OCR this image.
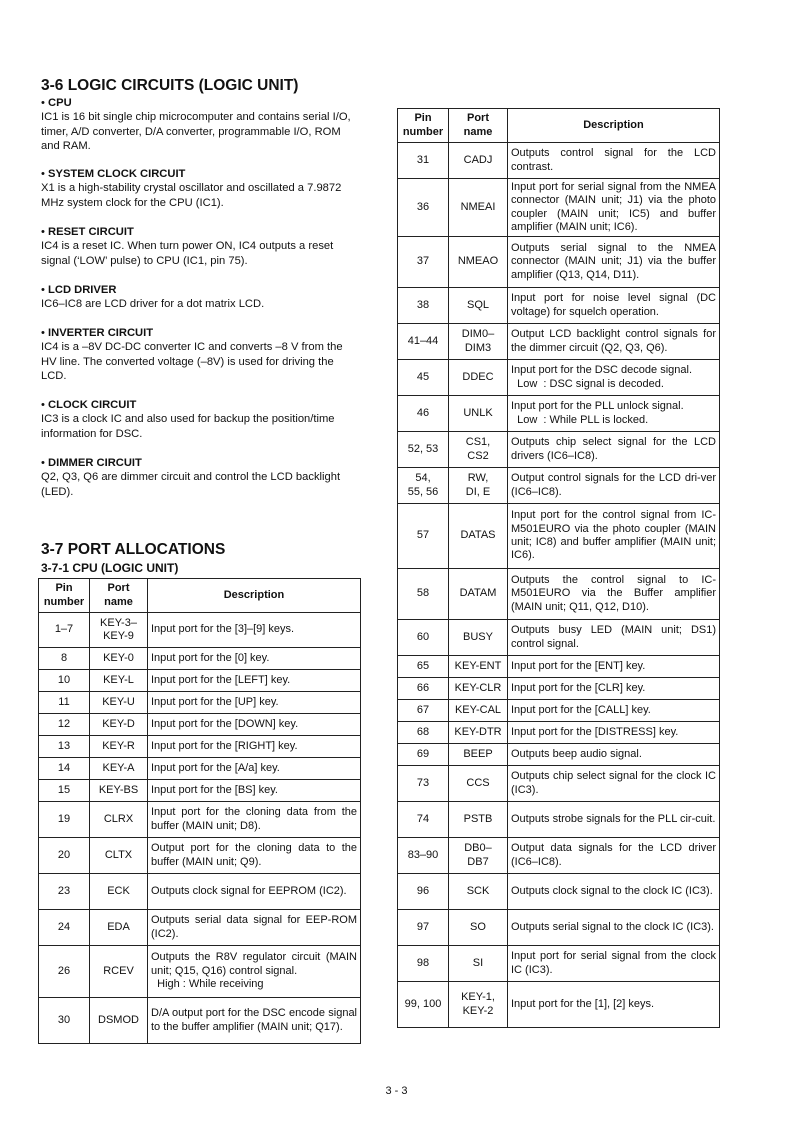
3-6 LOGIC CIRCUITS (LOGIC UNIT)
• CPU
IC1 is 16 bit single chip microcomputer and contains serial I/O, timer, A/D converter, D/A converter, programmable I/O, ROM and RAM.
• SYSTEM CLOCK CIRCUIT
X1 is a high-stability crystal oscillator and oscillated a 7.9872 MHz system clock for the CPU (IC1).
• RESET CIRCUIT
IC4 is a reset IC. When turn power ON, IC4 outputs a reset signal (‘LOW’ pulse) to CPU (IC1, pin 75).
• LCD DRIVER
IC6–IC8 are LCD driver for a dot matrix LCD.
• INVERTER CIRCUIT
IC4 is a –8V DC-DC converter IC and converts –8 V from the HV line. The converted voltage (–8V) is used for driving the LCD.
• CLOCK CIRCUIT
IC3 is a clock IC and also used for backup the position/time information for DSC.
• DIMMER CIRCUIT
Q2, Q3, Q6 are dimmer circuit and control the LCD backlight (LED).
3-7 PORT ALLOCATIONS
3-7-1 CPU (LOGIC UNIT)
Pin number	Port name	Description
1–7	KEY-3–
KEY-9	Input port for the [3]–[9] keys.
8	KEY-0	Input port for the [0] key.
10	KEY-L	Input port for the [LEFT] key.
11	KEY-U	Input port for the [UP] key.
12	KEY-D	Input port for the [DOWN] key.
13	KEY-R	Input port for the [RIGHT] key.
14	KEY-A	Input port for the [A/a] key.
15	KEY-BS	Input port for the [BS] key.
19	CLRX	Input port for the cloning data from the buffer (MAIN unit; D8).
20	CLTX	Output port for the cloning data to the buffer (MAIN unit; Q9).
23	ECK	Outputs clock signal for EEPROM (IC2).
24	EDA	Outputs serial data signal for EEP-ROM (IC2).
26	RCEV	Outputs the R8V regulator circuit (MAIN unit; Q15, Q16) control signal.
High : While receiving
30	DSMOD	D/A output port for the DSC encode signal to the buffer amplifier (MAIN unit; Q17).
Pin number	Port name	Description
31	CADJ	Outputs control signal for the LCD contrast.
36	NMEAI	Input port for serial signal from the NMEA connector (MAIN unit; J1) via the photo coupler (MAIN unit; IC5) and buffer amplifier (MAIN unit; IC6).
37	NMEAO	Outputs serial signal to the NMEA connector (MAIN unit; J1) via the buffer amplifier (Q13, Q14, D11).
38	SQL	Input port for noise level signal (DC voltage) for squelch operation.
41–44	DIM0–
DIM3	Output LCD backlight control signals for the dimmer circuit (Q2, Q3, Q6).
45	DDEC	Input port for the DSC decode signal.
Low  : DSC signal is decoded.
46	UNLK	Input port for the PLL unlock signal.
Low  : While PLL is locked.
52, 53	CS1,
CS2	Outputs chip select signal for the LCD drivers (IC6–IC8).
54,
55, 56	RW,
DI, E	Output control signals for the LCD dri-ver (IC6–IC8).
57	DATAS	Input port for the control signal from IC-M501EURO via the photo coupler (MAIN unit; IC8) and buffer amplifier (MAIN unit; IC6).
58	DATAM	Outputs the control signal to IC-M501EURO via the Buffer amplifier (MAIN unit; Q11, Q12, D10).
60	BUSY	Outputs busy LED (MAIN unit; DS1) control signal.
65	KEY-ENT	Input port for the [ENT] key.
66	KEY-CLR	Input port for the [CLR] key.
67	KEY-CAL	Input port for the [CALL] key.
68	KEY-DTR	Input port for the [DISTRESS] key.
69	BEEP	Outputs beep audio signal.
73	CCS	Outputs chip select signal for the clock IC (IC3).
74	PSTB	Outputs strobe signals for the PLL cir-cuit.
83–90	DB0–
DB7	Output data signals for the LCD driver (IC6–IC8).
96	SCK	Outputs clock signal to the clock IC (IC3).
97	SO	Outputs serial signal to the clock IC (IC3).
98	SI	Input port for serial signal from the clock IC (IC3).
99, 100	KEY-1,
KEY-2	Input port for the [1], [2] keys.
3 - 3
